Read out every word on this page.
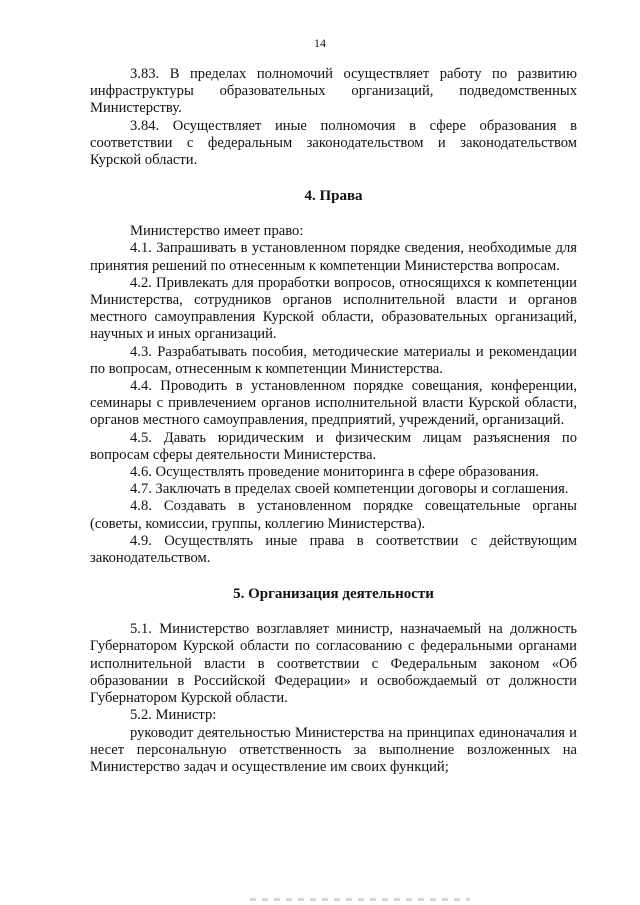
14

3.83. В пределах полномочий осуществляет работу по развитию инфраструктуры образовательных организаций, подведомственных Министерству.

3.84. Осуществляет иные полномочия в сфере образования в соответствии с федеральным законодательством и законодательством Курской области.

4. Права

Министерство имеет право:

4.1. Запрашивать в установленном порядке сведения, необходимые для принятия решений по отнесенным к компетенции Министерства вопросам.

4.2. Привлекать для проработки вопросов, относящихся к компетенции Министерства, сотрудников органов исполнительной власти и органов местного самоуправления Курской области, образовательных организаций, научных и иных организаций.

4.3. Разрабатывать пособия, методические материалы и рекомендации по вопросам, отнесенным к компетенции Министерства.

4.4. Проводить в установленном порядке совещания, конференции, семинары с привлечением органов исполнительной власти Курской области, органов местного самоуправления, предприятий, учреждений, организаций.

4.5. Давать юридическим и физическим лицам разъяснения по вопросам сферы деятельности Министерства.

4.6. Осуществлять проведение мониторинга в сфере образования.

4.7. Заключать в пределах своей компетенции договоры и соглашения.

4.8. Создавать в установленном порядке совещательные органы (советы, комиссии, группы, коллегию Министерства).

4.9. Осуществлять иные права в соответствии с действующим законодательством.

5. Организация деятельности

5.1. Министерство возглавляет министр, назначаемый на должность Губернатором Курской области по согласованию с федеральными органами исполнительной власти в соответствии с Федеральным законом «Об образовании в Российской Федерации» и освобождаемый от должности Губернатором Курской области.

5.2. Министр:

руководит деятельностью Министерства на принципах единоначалия и несет персональную ответственность за выполнение возложенных на Министерство задач и осуществление им своих функций;
